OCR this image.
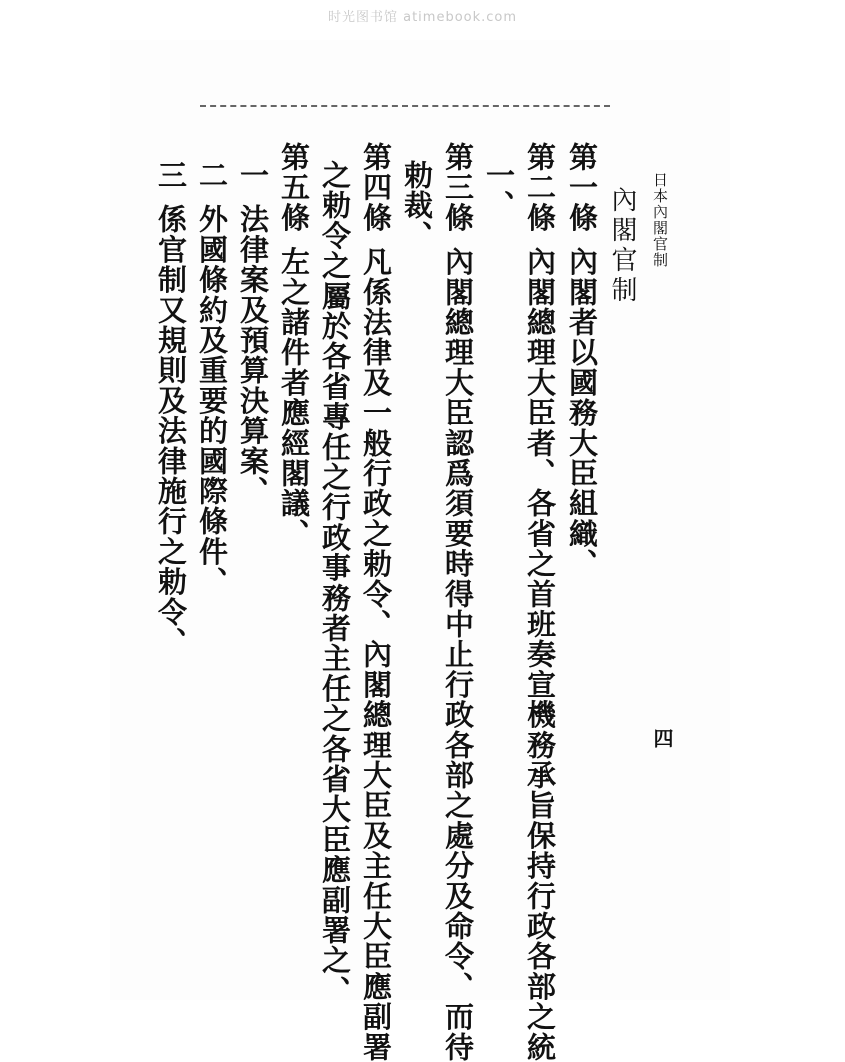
时光图书馆 atimebook.com
日本內閣官制
四
內閣官制
第一條內閣者以國務大臣組織、
第二條內閣總理大臣者、各省之首班奏宣機務承旨保持行政各部之統
一、
第三條內閣總理大臣認爲須要時得中止行政各部之處分及命令、而待
勅裁、
第四條凡係法律及一般行政之勅令、內閣總理大臣及主任大臣應副署
之勅令之屬於各省專任之行政事務者主任之各省大臣應副署之、
第五條左之諸件者應經閣議、
一法律案及預算決算案、
二外國條約及重要的國際條件、
三係官制又規則及法律施行之勅令、
